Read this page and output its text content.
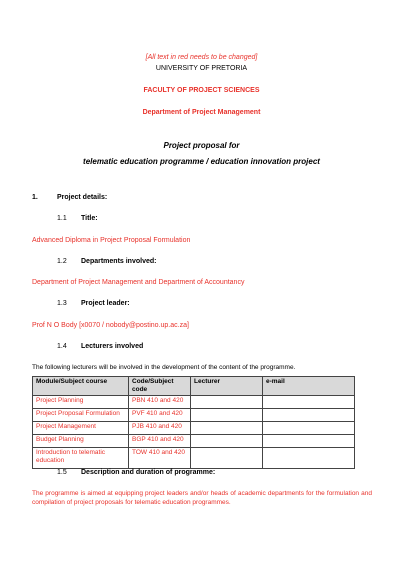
[All text in red needs to be changed]
UNIVERSITY OF PRETORIA
FACULTY OF PROJECT SCIENCES
Department of Project Management
Project proposal for
telematic education programme / education innovation project
1.	Project details:
1.1 Title:
Advanced Diploma in Project Proposal Formulation
1.2 Departments involved:
Department of Project Management and Department of Accountancy
1.3 Project leader:
Prof N O Body [x0070 / nobody@postino.up.ac.za]
1.4 Lecturers involved
The following lecturers will be involved in the development of the content of the programme.
Module/Subject course	Code/Subject code	Lecturer	e-mail
Project Planning	PBN 410 and 420		
Project Proposal Formulation	PVF 410 and 420		
Project Management	PJB 410 and 420		
Budget Planning	BGP 410 and 420		
Introduction to telematic education	TOW 410 and 420		
1.5 Description and duration of programme:
The programme is aimed at equipping project leaders and/or heads of academic departments for the formulation and compilation of project proposals for telematic education programmes.
